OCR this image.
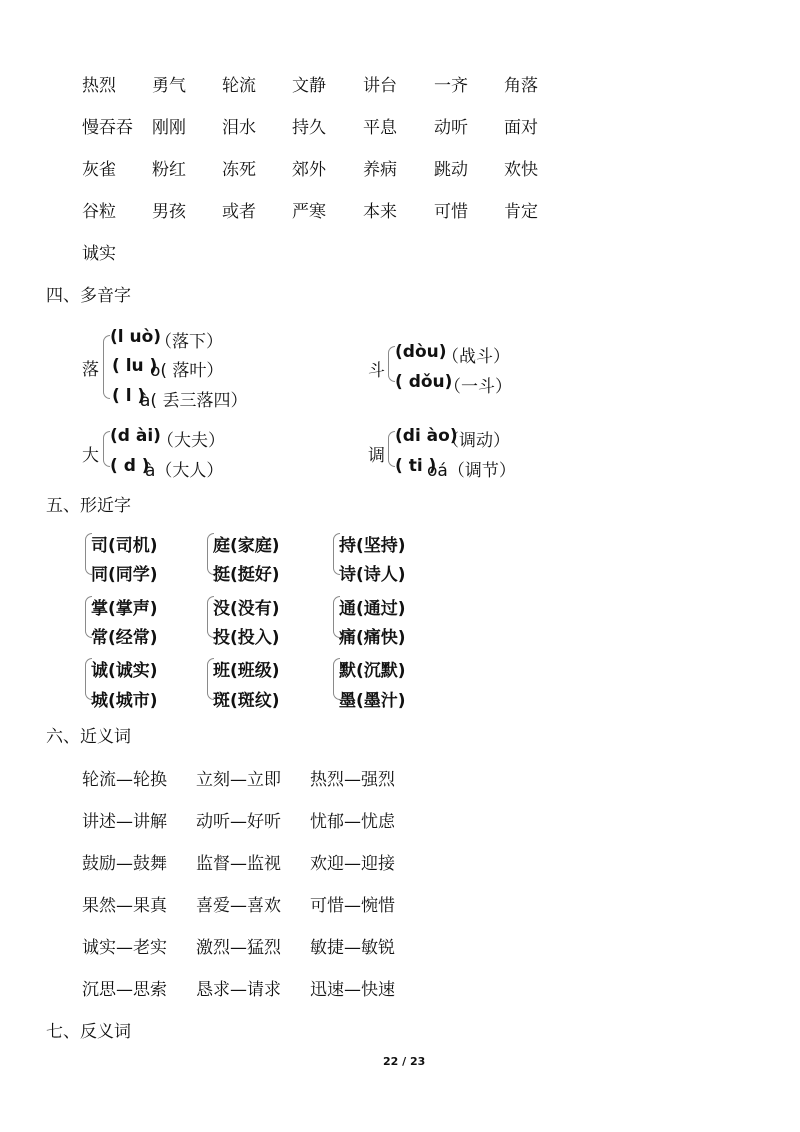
热烈 勇气 轮流 文静 讲台 一齐 角落
慢吞吞 刚刚 泪水 持久 平息 动听 面对
灰雀 粉红 冻死 郊外 养病 跳动 欢快
谷粒 男孩 或者 严寒 本来 可惜 肯定
诚实
四、多音字
五、形近字
六、近义词
七、反义词
落
(l uò)
（落下）
( lu )
ò( 落叶）
( l )
à( 丢三落四）
斗
(dòu)
（战斗）
( dǒu)
（一斗）
大
(d ài)
（大夫）
( d )
à（大人）
调
(di ào)
（调动）
( ti )
oá（调节）
司(司机)
同(同学)
庭(家庭)
挺(挺好)
持(坚持)
诗(诗人)
掌(掌声)
常(经常)
没(没有)
投(投入)
通(通过)
痛(痛快)
诚(诚实)
城(城市)
班(班级)
斑(斑纹)
默(沉默)
墨(墨汁)
轮流—轮换 立刻—立即 热烈—强烈
讲述—讲解 动听—好听 忧郁—忧虑
鼓励—鼓舞 监督—监视 欢迎—迎接
果然—果真 喜爱—喜欢 可惜—惋惜
诚实—老实 激烈—猛烈 敏捷—敏锐
沉思—思索 恳求—请求 迅速—快速
22 / 23
